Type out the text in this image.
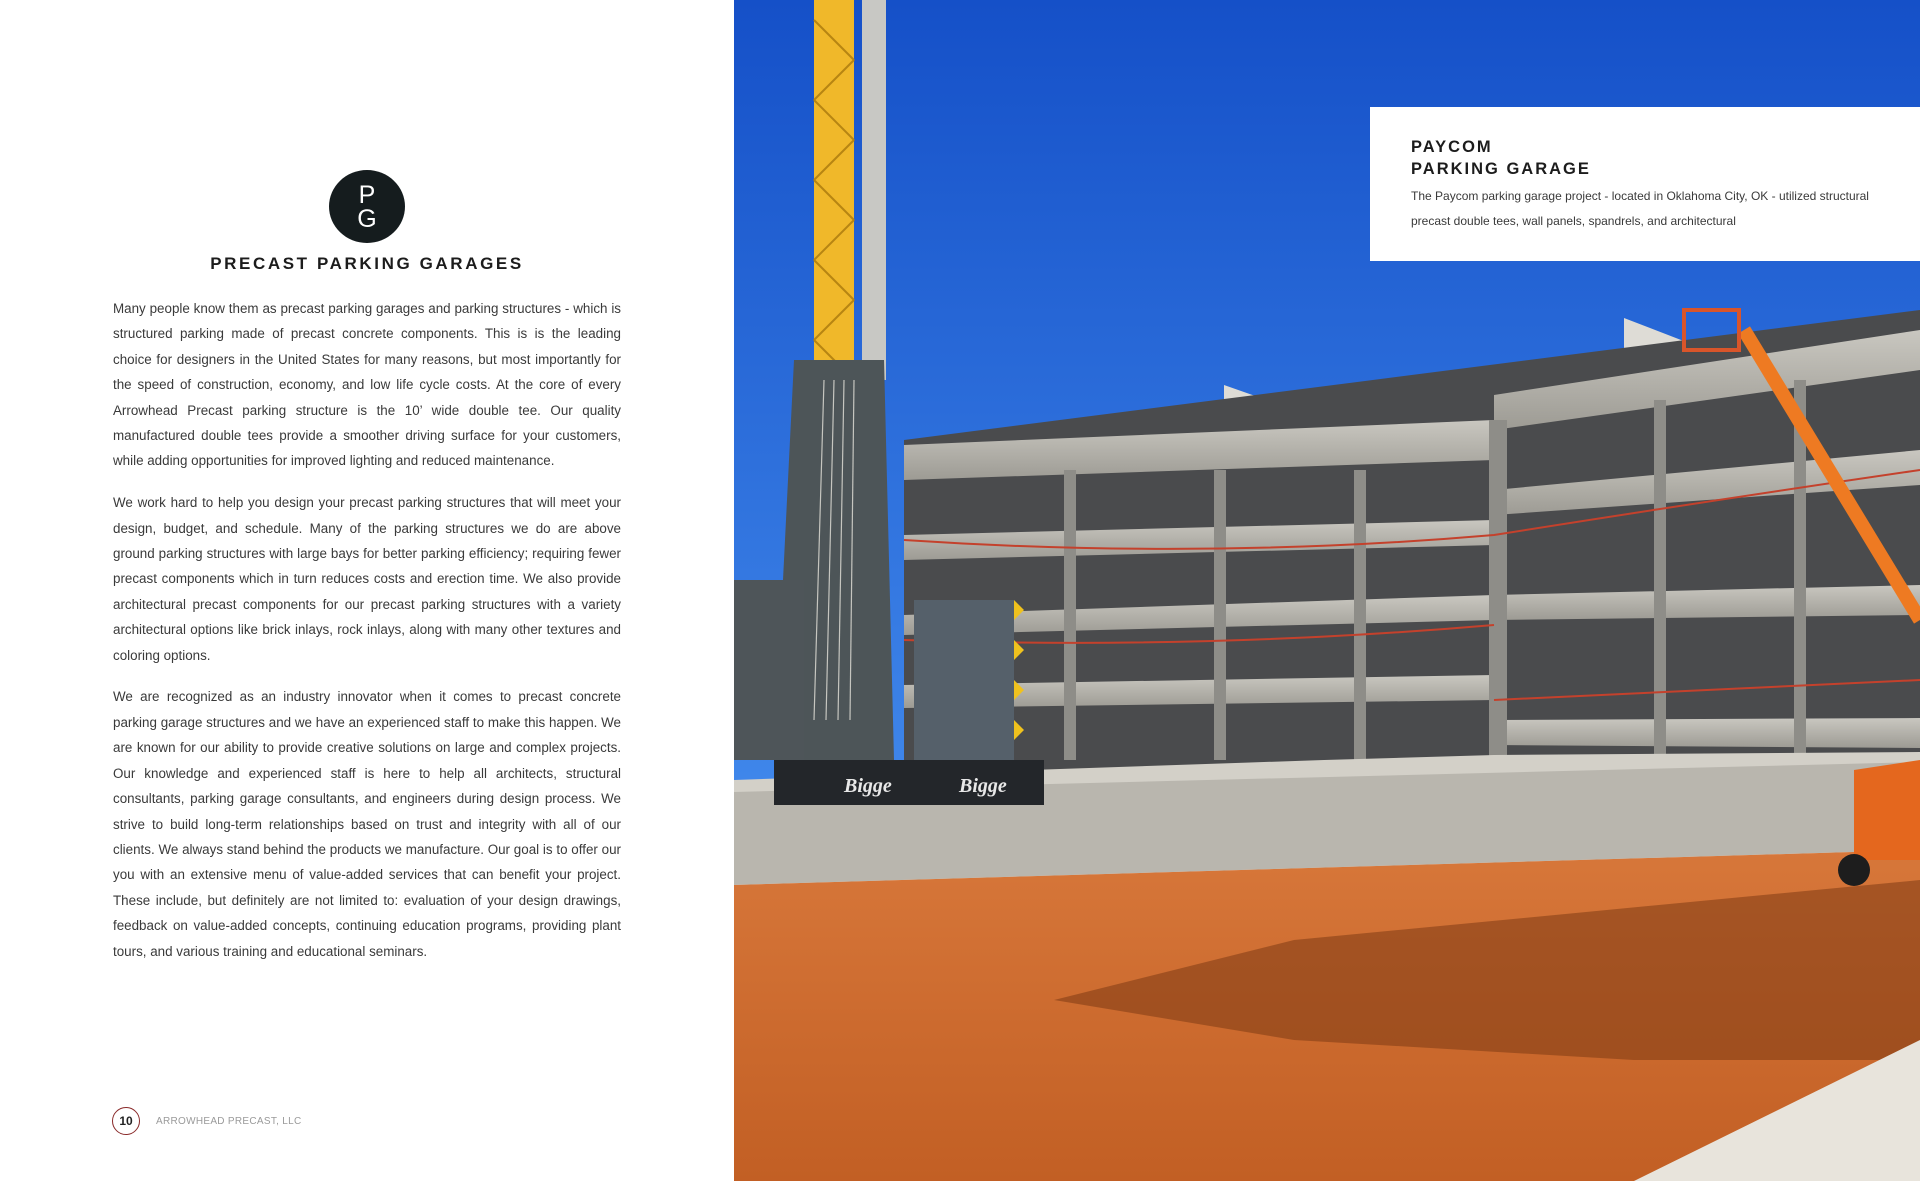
P
G
PRECAST PARKING GARAGES

Many people know them as precast parking garages and parking structures - which is structured parking made of precast concrete components. This is is the leading choice for designers in the United States for many reasons, but most importantly for the speed of construction, economy, and low life cycle costs. At the core of every Arrowhead Precast parking structure is the 10’ wide double tee. Our quality manufactured double tees provide a smoother driving surface for your customers, while adding opportunities for improved lighting and reduced maintenance.

We work hard to help you design your precast parking structures that will meet your design, budget, and schedule. Many of the parking structures we do are above ground parking structures with large bays for better parking efficiency; requiring fewer precast components which in turn reduces costs and erection time. We also provide architectural precast components for our precast parking structures with a variety architectural options like brick inlays, rock inlays, along with many other textures and coloring options.

We are recognized as an industry innovator when it comes to precast concrete parking garage structures and we have an experienced staff to make this happen. We are known for our ability to provide creative solutions on large and complex projects. Our knowledge and experienced staff is here to help all architects, structural consultants, parking garage consultants, and engineers during design process. We strive to build long-term relationships based on trust and integrity with all of our clients. We always stand behind the products we manufacture. Our goal is to offer our you with an extensive menu of value-added services that can benefit your project. These include, but definitely are not limited to: evaluation of your design drawings, feedback on value-added concepts, continuing education programs, providing plant tours, and various training and educational seminars.

10	ARROWHEAD PRECAST, LLC
Bigge	Bigge
PAYCOM
PARKING GARAGE
The Paycom parking garage project - located in Oklahoma City, OK - utilized structural precast double tees, wall panels, spandrels, and architectural
